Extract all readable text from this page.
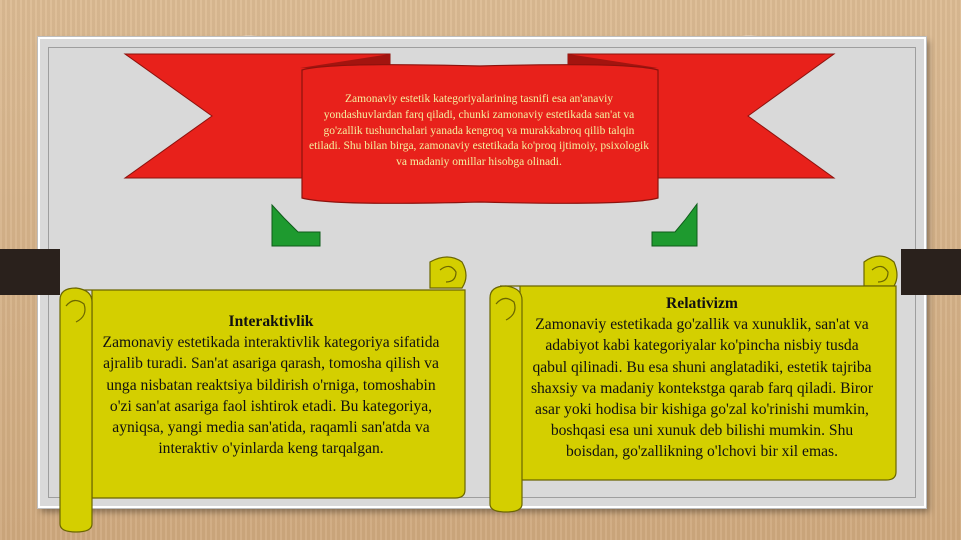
Zamonaviy estetik kategoriyalarining tasnifi esa an'anaviy yondashuvlardan farq qiladi, chunki zamonaviy estetikada san'at va go'zallik tushunchalari yanada kengroq va murakkabroq qilib talqin etiladi. Shu bilan birga, zamonaviy estetikada ko'proq ijtimoiy, psixologik va madaniy omillar hisobga olinadi.
Interaktivlik
Zamonaviy estetikada interaktivlik kategoriya sifatida ajralib turadi. San'at asariga qarash, tomosha qilish va unga nisbatan reaktsiya bildirish o'rniga, tomoshabin o'zi san'at asariga faol ishtirok etadi. Bu kategoriya, ayniqsa, yangi media san'atida, raqamli san'atda va interaktiv o'yinlarda keng tarqalgan.
Relativizm
Zamonaviy estetikada go'zallik va xunuklik, san'at va adabiyot kabi kategoriyalar ko'pincha nisbiy tusda qabul qilinadi. Bu esa shuni anglatadiki, estetik tajriba shaxsiy va madaniy kontekstga qarab farq qiladi. Biror asar yoki hodisa bir kishiga go'zal ko'rinishi mumkin, boshqasi esa uni xunuk deb bilishi mumkin. Shu boisdan, go'zallikning o'lchovi bir xil emas.
